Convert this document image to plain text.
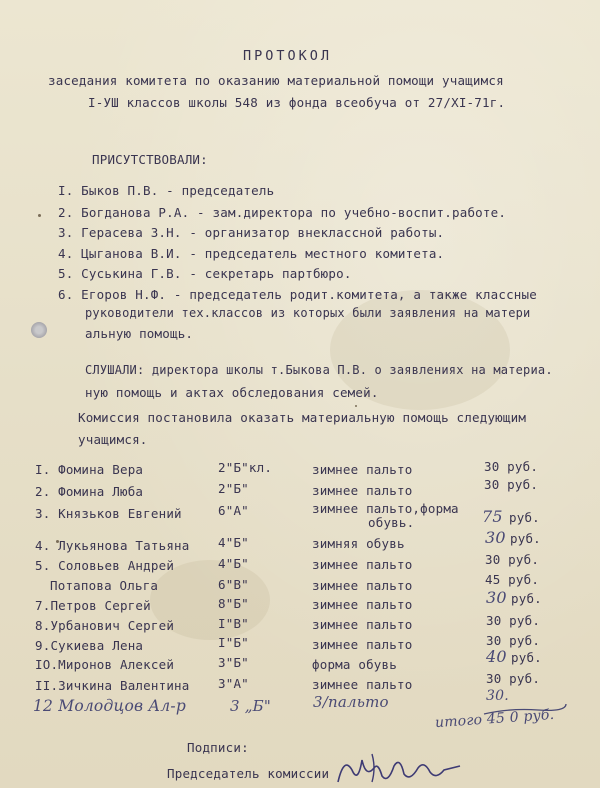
ПРОТОКОЛ
заседания комитета по оказанию материальной помощи учащимся
I-УШ классов школы 548 из фонда всеобуча от 27/XI-71г.
ПРИСУТСТВОВАЛИ:
I. Быков П.В. - председатель
2. Богданова Р.А. - зам.директора по учебно-воспит.работе.
3. Герасева З.Н. - организатор внеклассной работы.
4. Цыганова В.И. - председатель местного комитета.
5. Суськина Г.В. - секретарь партбюро.
6. Егоров Н.Ф. - председатель родит.комитета, а также классные
руководители тех.классов из которых были заявления на матери
альную помощь.
СЛУШАЛИ: директора школы т.Быкова П.В. о заявлениях на материа.
ную помощь и актах обследования семей.
Комиссия постановила оказать материальную помощь следующим
учащимся.
I. Фомина Вера	2"Б"кл.	зимнее пальто	30 руб.
2. Фомина Люба	2"Б"	зимнее пальто	30 руб.
3. Князьков Евгений	6"А"	зимнее пальто,форма
обувь.	75 руб.
4. Лукьянова Татьяна 4"Б"	зимняя обувь	30 руб.
5. Соловьев Андрей	4"Б"	зимнее пальто	30 руб.
Потапова Ольга	6"В"	зимнее пальто	45 руб.
7.Петров Сергей	8"Б"	зимнее пальто	30 руб.
8.Урбанович Сергей	I"В"	зимнее пальто	30 руб.
9.Сукиева Лена	I"Б"	зимнее пальто	30 руб.
IO.Миронов Алексей	3"Б"	форма обувь	40 руб.
II.Зичкина Валентина 3"А"	зимнее пальто	30 руб.
12 Молодцов Ал-р	3 „Б"	3/пальто	30.
итого 45 0 руб.
Подписи:
Председатель комиссии
